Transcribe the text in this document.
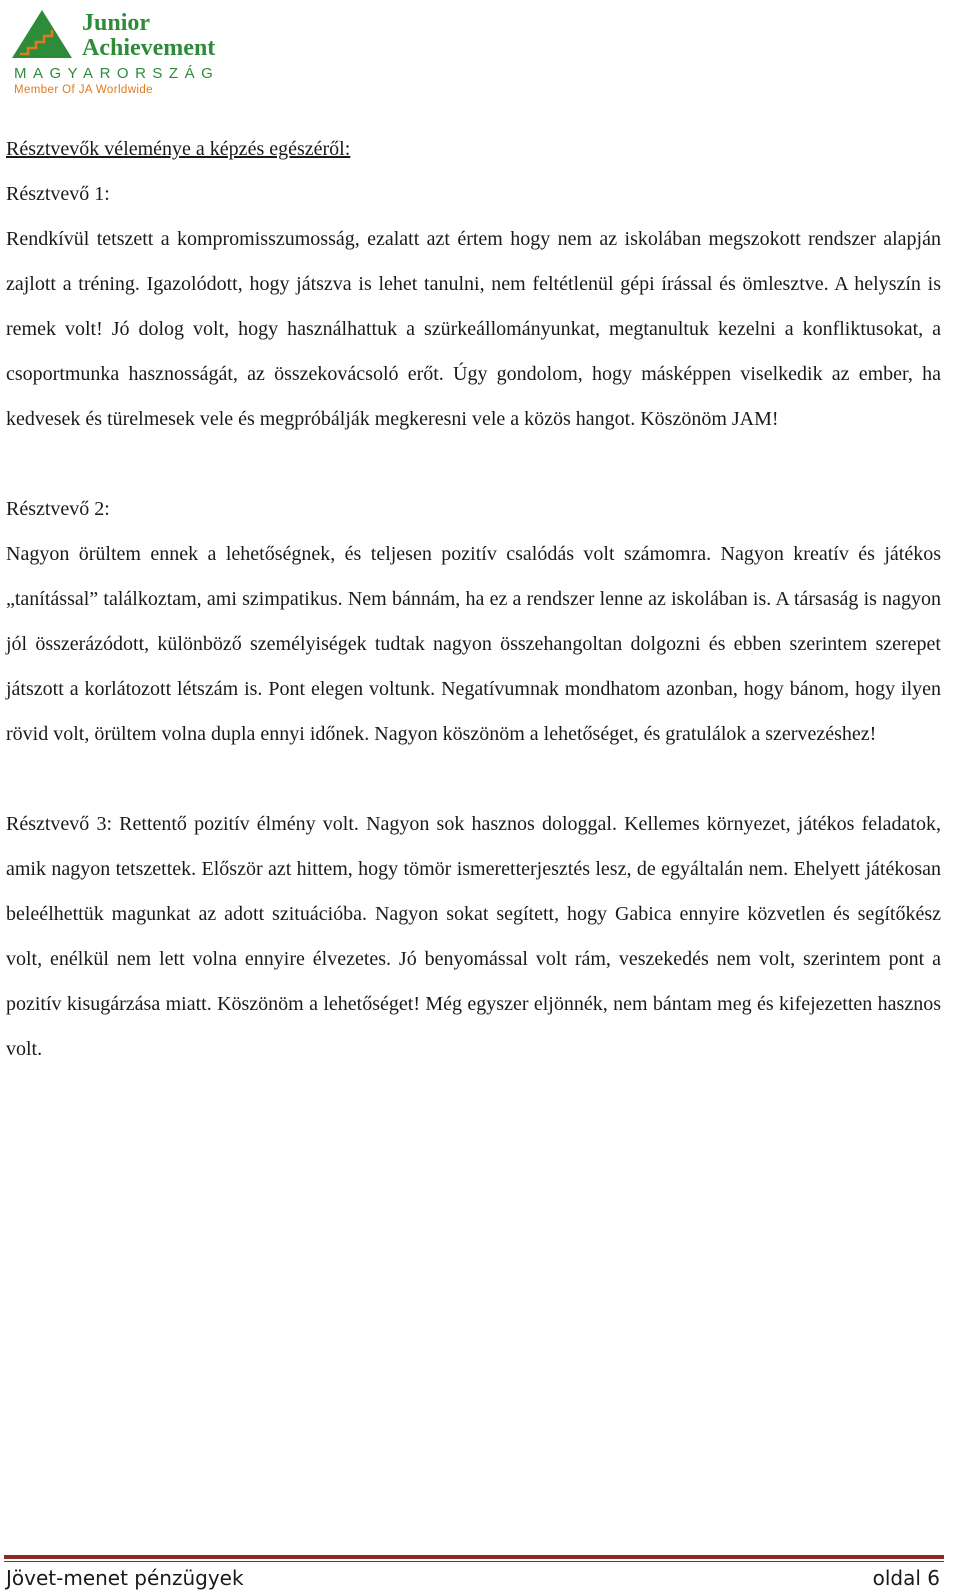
Junior
Achievement
MAGYARORSZÁG
Member Of JA Worldwide

Résztvevők véleménye a képzés egészéről:

Résztvevő 1:

Rendkívül tetszett a kompromisszumosság, ezalatt azt értem hogy nem az iskolában megszokott rendszer alapján zajlott a tréning. Igazolódott, hogy játszva is lehet tanulni, nem feltétlenül gépi írással és ömlesztve. A helyszín is remek volt! Jó dolog volt, hogy használhattuk a szürkeállományunkat, megtanultuk kezelni a konfliktusokat, a csoportmunka hasznosságát, az összekovácsoló erőt. Úgy gondolom, hogy másképpen viselkedik az ember, ha kedvesek és türelmesek vele és megpróbálják megkeresni vele a közös hangot. Köszönöm JAM!

Résztvevő 2:

Nagyon örültem ennek a lehetőségnek, és teljesen pozitív csalódás volt számomra. Nagyon kreatív és játékos „tanítással” találkoztam, ami szimpatikus. Nem bánnám, ha ez a rendszer lenne az iskolában is. A társaság is nagyon jól összerázódott, különböző személyiségek tudtak nagyon összehangoltan dolgozni és ebben szerintem szerepet játszott a korlátozott létszám is. Pont elegen voltunk. Negatívumnak mondhatom azonban, hogy bánom, hogy ilyen rövid volt, örültem volna dupla ennyi időnek. Nagyon köszönöm a lehetőséget, és gratulálok a szervezéshez!

Résztvevő 3: Rettentő pozitív élmény volt. Nagyon sok hasznos dologgal. Kellemes környezet, játékos feladatok, amik nagyon tetszettek. Először azt hittem, hogy tömör ismeretterjesztés lesz, de egyáltalán nem. Ehelyett játékosan beleélhettük magunkat az adott szituációba. Nagyon sokat segített, hogy Gabica ennyire közvetlen és segítőkész volt, enélkül nem lett volna ennyire élvezetes. Jó benyomással volt rám, veszekedés nem volt, szerintem pont a pozitív kisugárzása miatt. Köszönöm a lehetőséget! Még egyszer eljönnék, nem bántam meg és kifejezetten hasznos volt.

Jövet-menet pénzügyek	oldal 6
